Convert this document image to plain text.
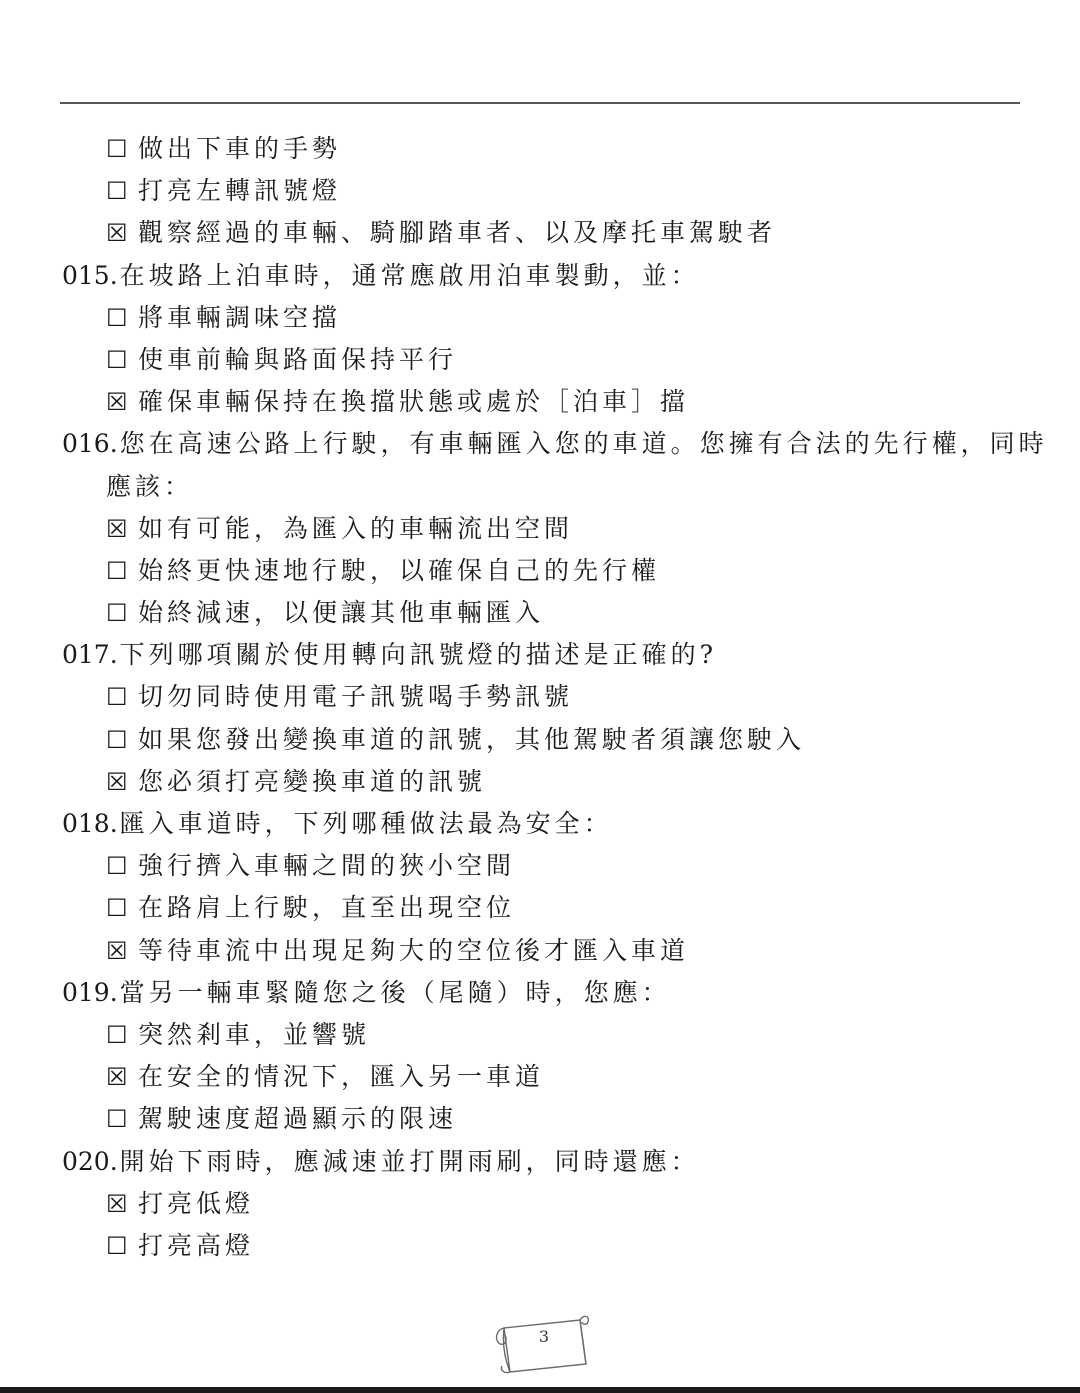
☐ 做出下車的手勢
☐ 打亮左轉訊號燈
☒ 觀察經過的車輛、騎腳踏車者、以及摩托車駕駛者
015.在坡路上泊車時，通常應啟用泊車製動，並：
☐ 將車輛調味空擋
☐ 使車前輪與路面保持平行
☒ 確保車輛保持在換擋狀態或處於［泊車］擋
016.您在高速公路上行駛，有車輛匯入您的車道。您擁有合法的先行權，同時
應該：
☒ 如有可能，為匯入的車輛流出空間
☐ 始終更快速地行駛，以確保自己的先行權
☐ 始終減速，以便讓其他車輛匯入
017.下列哪項關於使用轉向訊號燈的描述是正確的?
☐ 切勿同時使用電子訊號喝手勢訊號
☐ 如果您發出變換車道的訊號，其他駕駛者須讓您駛入
☒ 您必須打亮變換車道的訊號
018.匯入車道時，下列哪種做法最為安全：
☐ 強行擠入車輛之間的狹小空間
☐ 在路肩上行駛，直至出現空位
☒ 等待車流中出現足夠大的空位後才匯入車道
019.當另一輛車緊隨您之後（尾隨）時，您應：
☐ 突然剎車，並響號
☒ 在安全的情況下，匯入另一車道
☐ 駕駛速度超過顯示的限速
020.開始下雨時，應減速並打開雨刷，同時還應：
☒ 打亮低燈
☐ 打亮高燈
3
